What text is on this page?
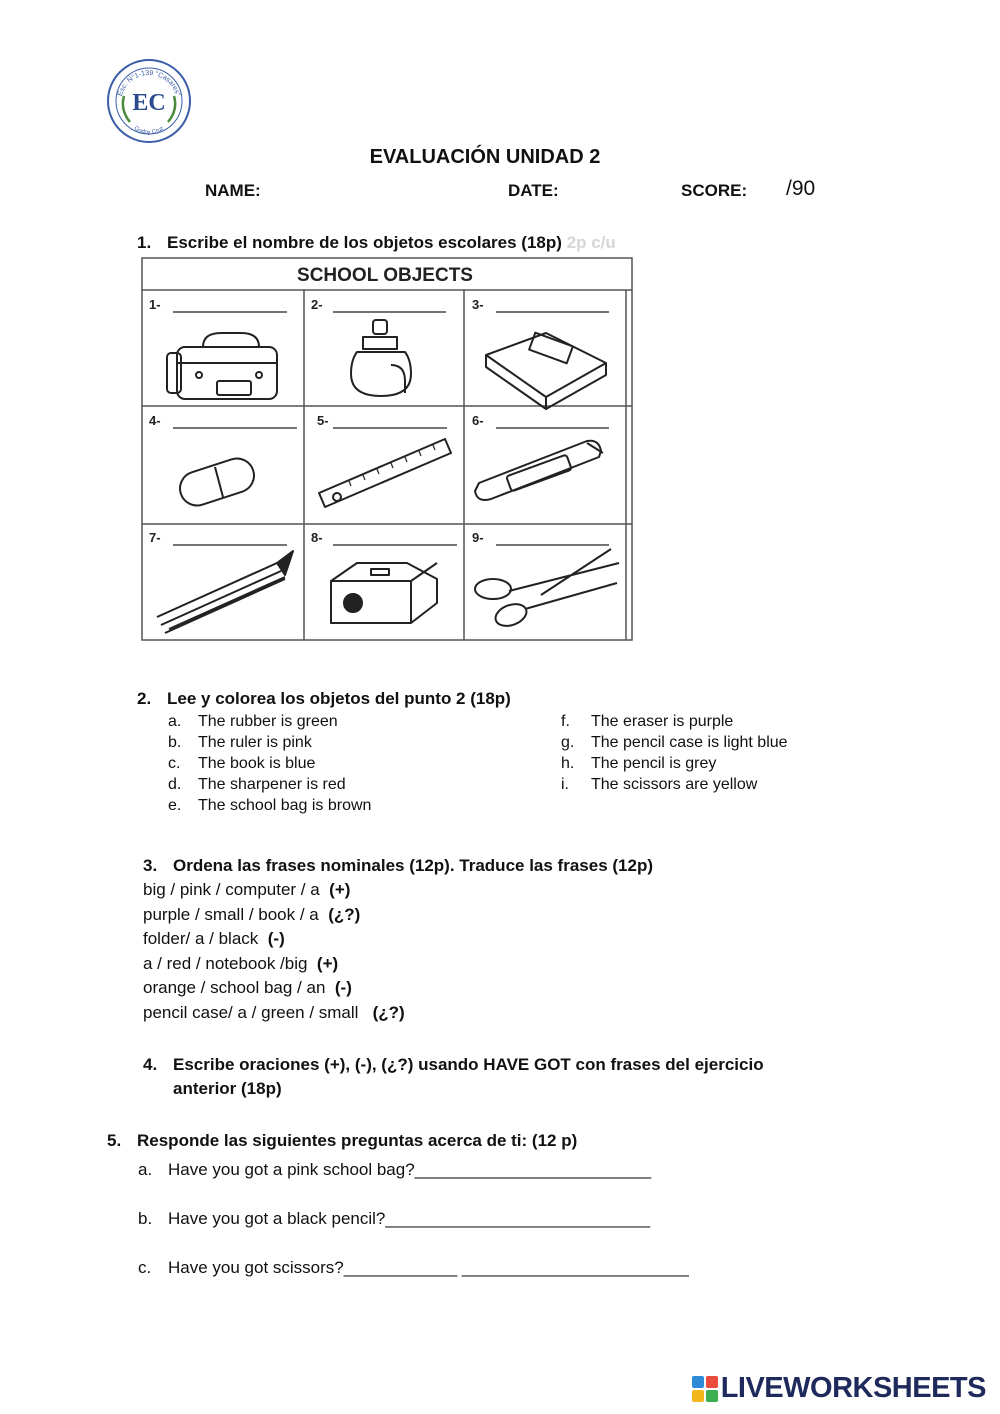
Esc. N°1-139 "Casares"
Godoy Cruz
EC
EVALUACIÓN UNIDAD 2
NAME:	DATE:	SCORE: /90
1. Escribe el nombre de los objetos escolares (18p) 2p c/u
SCHOOL OBJECTS
1-	2-	3-
4-	5-	6-
7-	8-	9-
2. Lee y colorea los objetos del punto 2 (18p)
a.	The rubber is green
b.	The ruler is pink
c.	The book is blue
d.	The sharpener is red
e.	The school bag is brown
f.	The eraser is purple
g.	The pencil case is light blue
h.	The pencil is grey
i.	The scissors are yellow
3. Ordena las frases nominales (12p). Traduce las frases (12p)
big / pink / computer / a  (+)
purple / small / book / a  (¿?)
folder/ a / black  (-)
a / red / notebook /big  (+)
orange / school bag / an  (-)
pencil case/ a / green / small   (¿?)
4. Escribe oraciones (+), (-), (¿?) usando HAVE GOT con frases del ejercicio
anterior (18p)
5. Responde las siguientes preguntas acerca de ti: (12 p)
a. Have you got a pink school bag?_________________________
b. Have you got a black pencil?____________________________
c. Have you got scissors?____________ ________________________
LIVEWORKSHEETS
